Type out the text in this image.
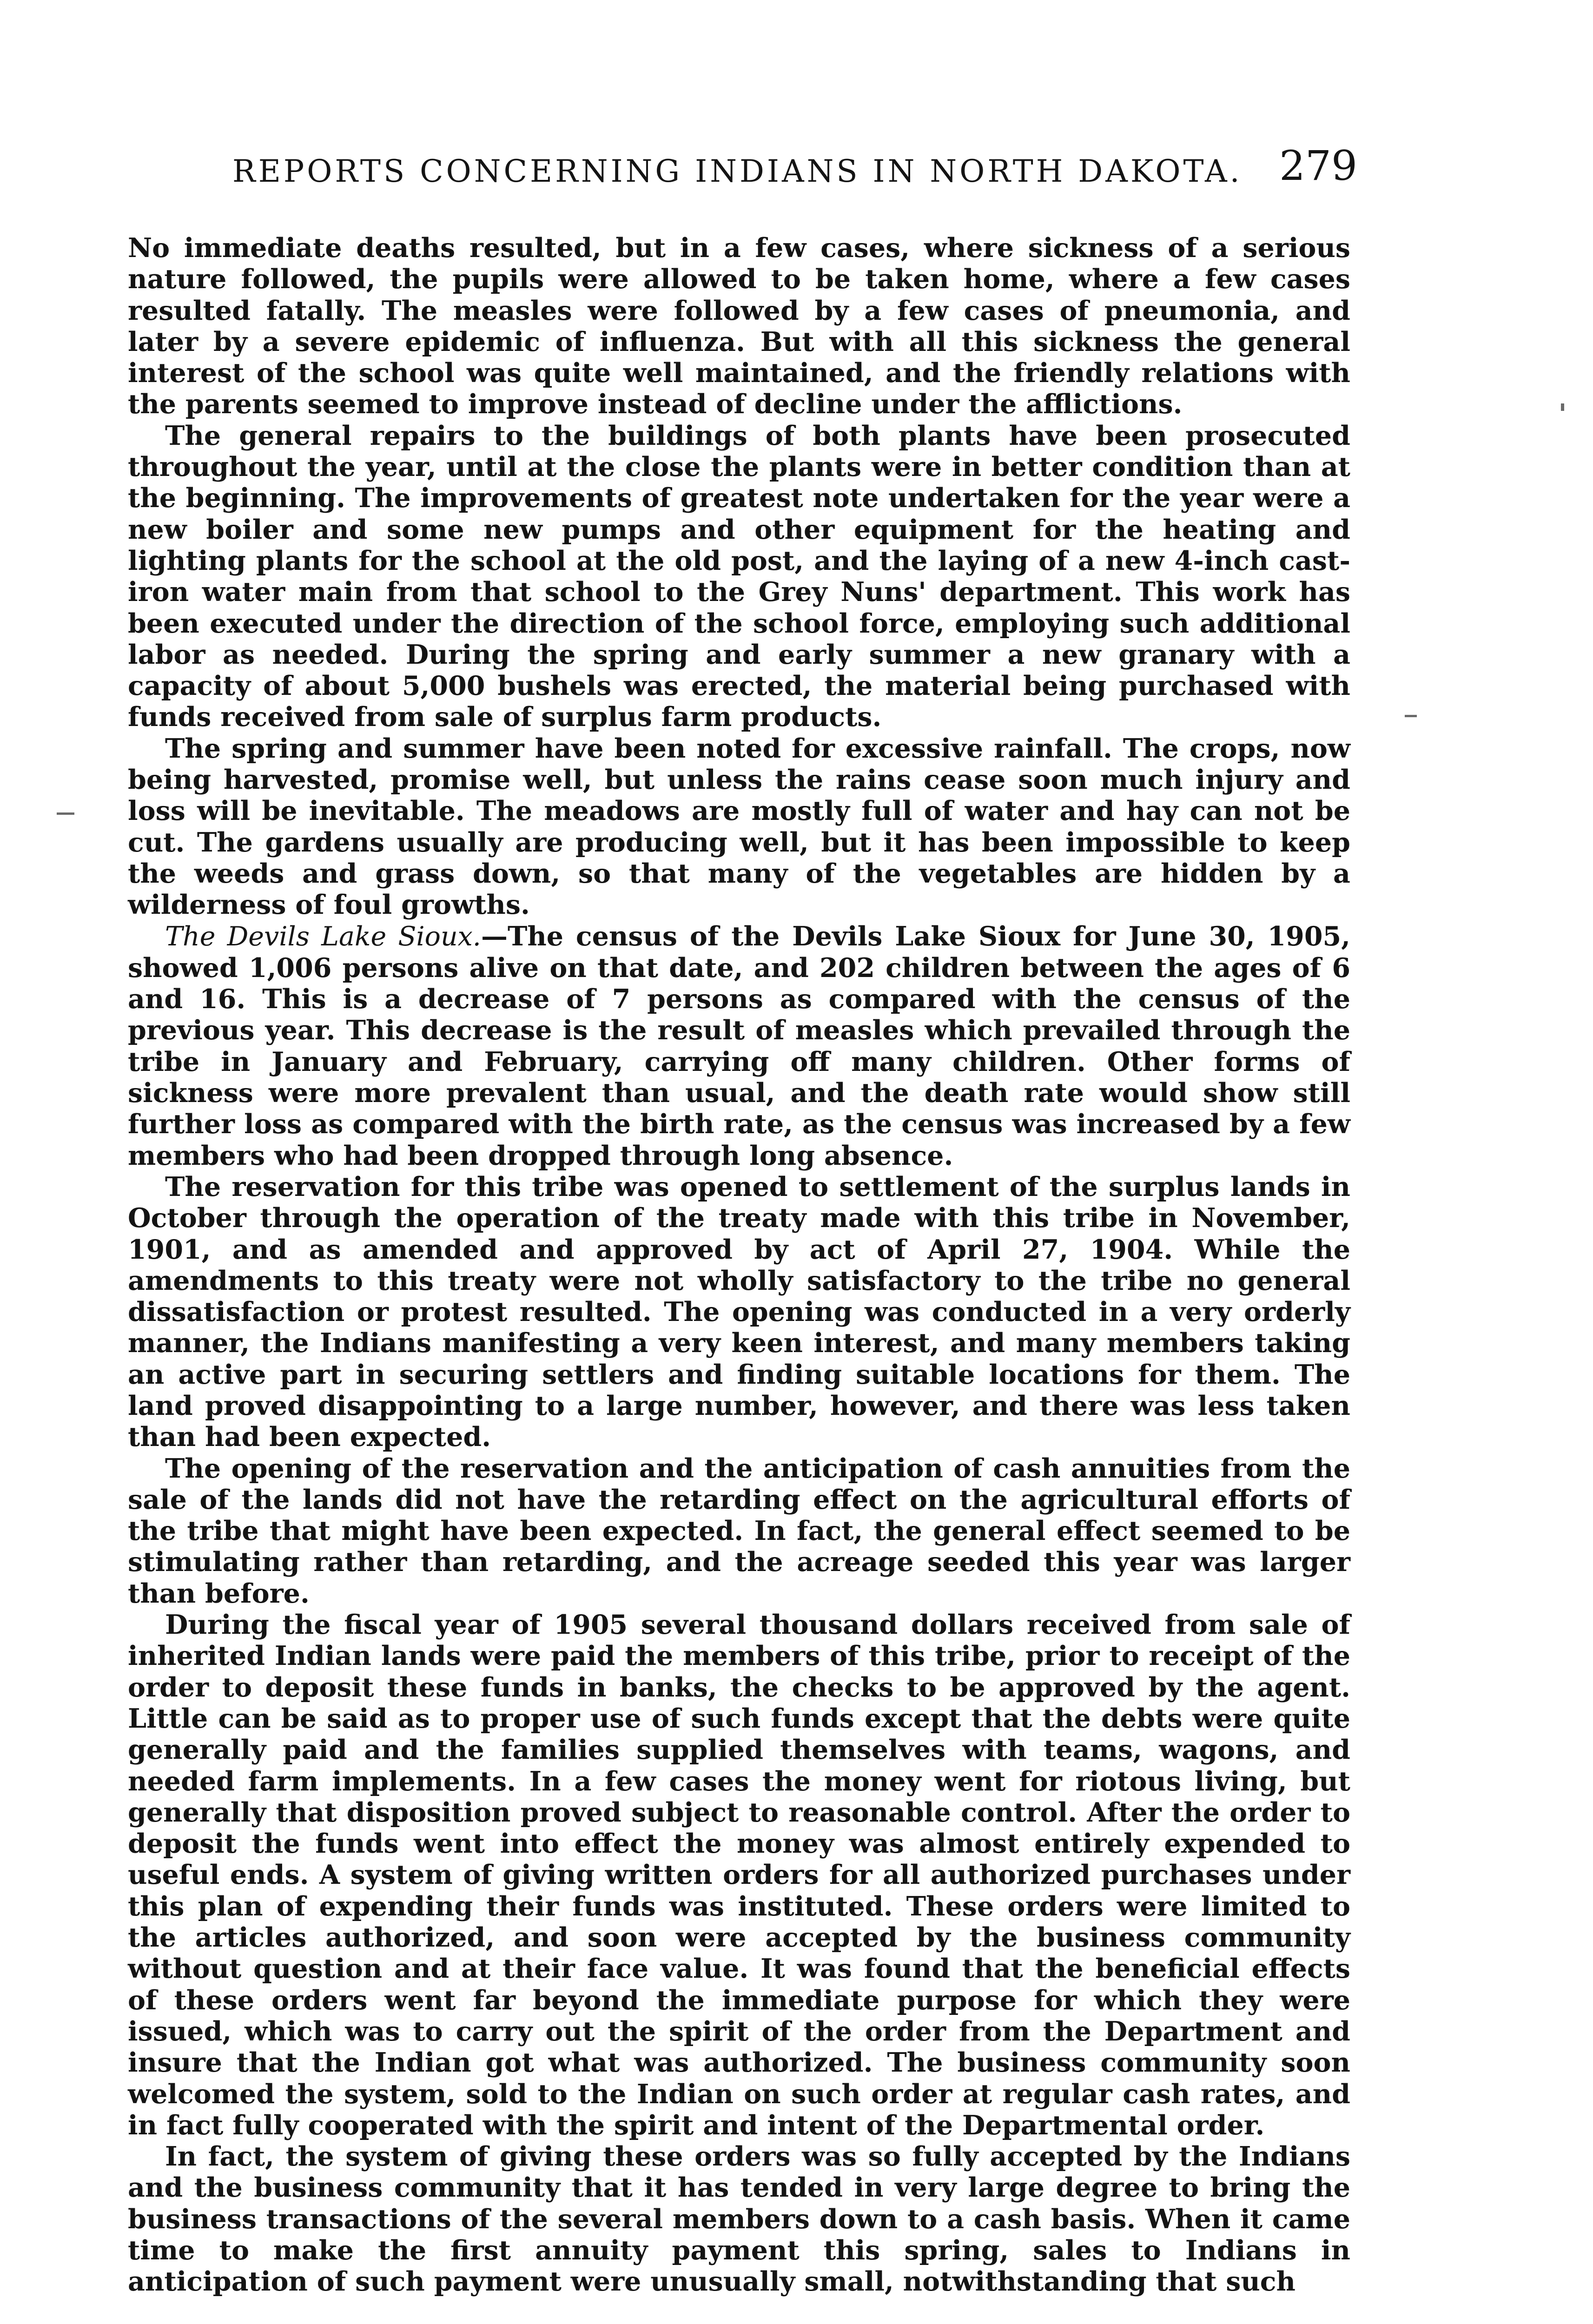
REPORTS CONCERNING INDIANS IN NORTH DAKOTA. 279

No immediate deaths resulted, but in a few cases, where sickness of a serious nature followed, the pupils were allowed to be taken home, where a few cases resulted fatally. The measles were followed by a few cases of pneumonia, and later by a severe epidemic of influenza. But with all this sickness the general interest of the school was quite well maintained, and the friendly relations with the parents seemed to improve instead of decline under the afflictions.

The general repairs to the buildings of both plants have been prosecuted throughout the year, until at the close the plants were in better condition than at the beginning. The improvements of greatest note undertaken for the year were a new boiler and some new pumps and other equipment for the heating and lighting plants for the school at the old post, and the laying of a new 4-inch cast-iron water main from that school to the Grey Nuns' department. This work has been executed under the direction of the school force, employing such additional labor as needed. During the spring and early summer a new granary with a capacity of about 5,000 bushels was erected, the material being purchased with funds received from sale of surplus farm products.

The spring and summer have been noted for excessive rainfall. The crops, now being harvested, promise well, but unless the rains cease soon much injury and loss will be inevitable. The meadows are mostly full of water and hay can not be cut. The gardens usually are producing well, but it has been impossible to keep the weeds and grass down, so that many of the vegetables are hidden by a wilderness of foul growths.

The Devils Lake Sioux.—The census of the Devils Lake Sioux for June 30, 1905, showed 1,006 persons alive on that date, and 202 children between the ages of 6 and 16. This is a decrease of 7 persons as compared with the census of the previous year. This decrease is the result of measles which prevailed through the tribe in January and February, carrying off many children. Other forms of sickness were more prevalent than usual, and the death rate would show still further loss as compared with the birth rate, as the census was increased by a few members who had been dropped through long absence.

The reservation for this tribe was opened to settlement of the surplus lands in October through the operation of the treaty made with this tribe in November, 1901, and as amended and approved by act of April 27, 1904. While the amendments to this treaty were not wholly satisfactory to the tribe no general dissatisfaction or protest resulted. The opening was conducted in a very orderly manner, the Indians manifesting a very keen interest, and many members taking an active part in securing settlers and finding suitable locations for them. The land proved disappointing to a large number, however, and there was less taken than had been expected.

The opening of the reservation and the anticipation of cash annuities from the sale of the lands did not have the retarding effect on the agricultural efforts of the tribe that might have been expected. In fact, the general effect seemed to be stimulating rather than retarding, and the acreage seeded this year was larger than before.

During the fiscal year of 1905 several thousand dollars received from sale of inherited Indian lands were paid the members of this tribe, prior to receipt of the order to deposit these funds in banks, the checks to be approved by the agent. Little can be said as to proper use of such funds except that the debts were quite generally paid and the families supplied themselves with teams, wagons, and needed farm implements. In a few cases the money went for riotous living, but generally that disposition proved subject to reasonable control. After the order to deposit the funds went into effect the money was almost entirely expended to useful ends. A system of giving written orders for all authorized purchases under this plan of expending their funds was instituted. These orders were limited to the articles authorized, and soon were accepted by the business community without question and at their face value. It was found that the beneficial effects of these orders went far beyond the immediate purpose for which they were issued, which was to carry out the spirit of the order from the Department and insure that the Indian got what was authorized. The business community soon welcomed the system, sold to the Indian on such order at regular cash rates, and in fact fully cooperated with the spirit and intent of the Departmental order.

In fact, the system of giving these orders was so fully accepted by the Indians and the business community that it has tended in very large degree to bring the business transactions of the several members down to a cash basis. When it came time to make the first annuity payment this spring, sales to Indians in anticipation of such payment were unusually small, notwithstanding that such
